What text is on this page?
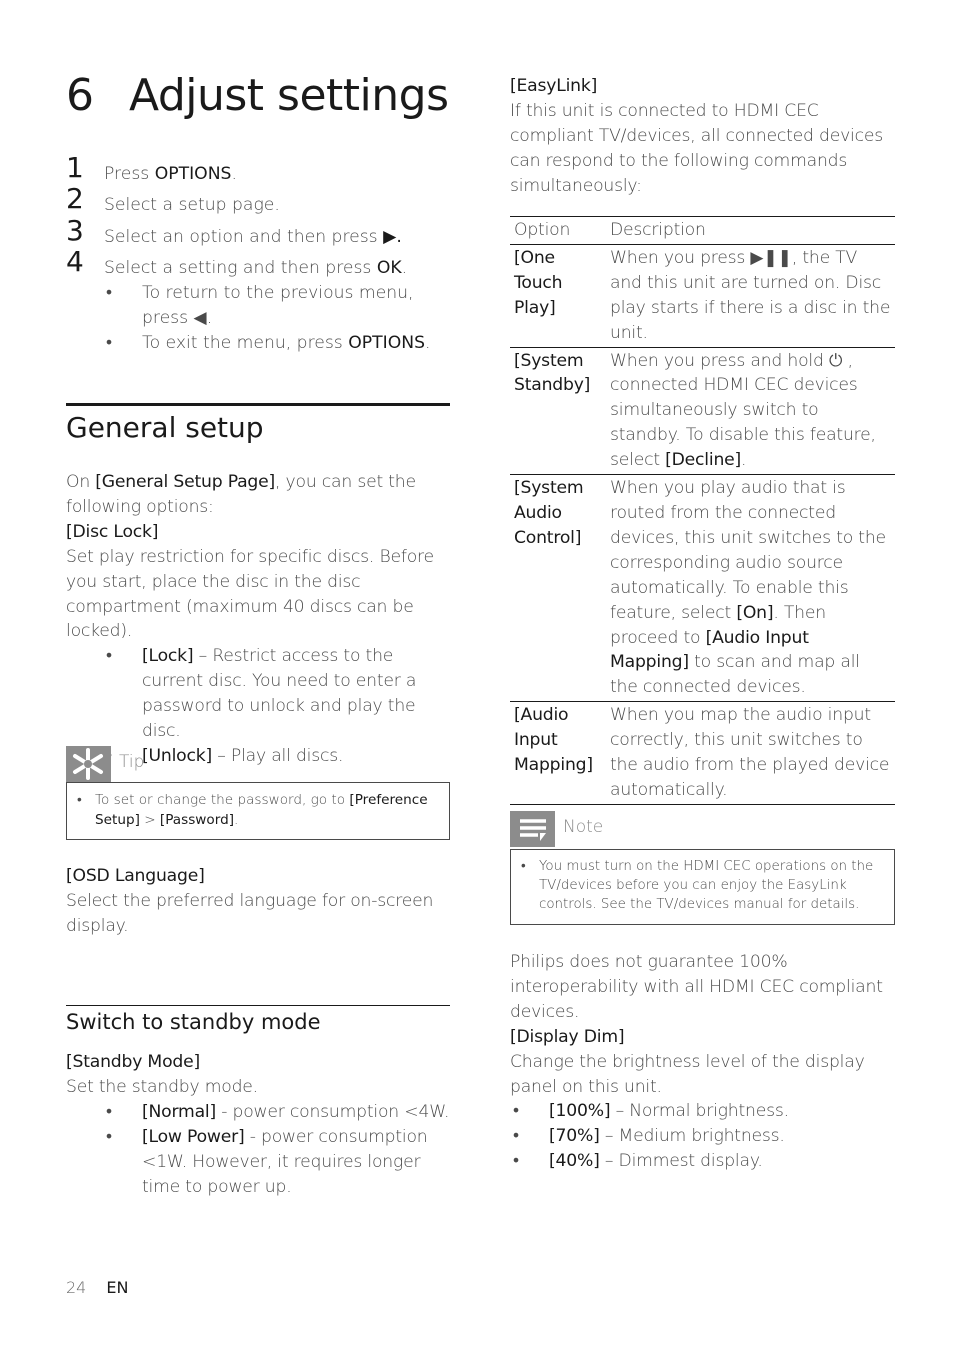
6 Adjust settings
1 Press OPTIONS.
2 Select a setup page.
3 Select an option and then press ▶.
4 Select a setting and then press OK.
• To return to the previous menu, press ◀.
• To exit the menu, press OPTIONS.
General setup
On [General Setup Page], you can set the following options:
[Disc Lock]
Set play restriction for specific discs. Before you start, place the disc in the disc compartment (maximum 40 discs can be locked).
• [Lock] – Restrict access to the current disc. You need to enter a password to unlock and play the disc.
[Unlock] – Play all discs.
Tip
• To set or change the password, go to [Preference Setup] > [Password].
[OSD Language]
Select the preferred language for on-screen display.
Switch to standby mode
[Standby Mode]
Set the standby mode.
• [Normal] - power consumption <4W.
• [Low Power] - power consumption <1W. However, it requires longer time to power up.
[EasyLink]
If this unit is connected to HDMI CEC compliant TV/devices, all connected devices can respond to the following commands simultaneously:
Option	Description
[One Touch Play]	When you press ▶❚❚, the TV and this unit are turned on. Disc play starts if there is a disc in the unit.
[System Standby]	When you press and hold ⏻ , connected HDMI CEC devices simultaneously switch to standby. To disable this feature, select [Decline].
[System Audio Control]	When you play audio that is routed from the connected devices, this unit switches to the corresponding audio source automatically. To enable this feature, select [On]. Then proceed to [Audio Input Mapping] to scan and map all the connected devices.
[Audio Input Mapping]	When you map the audio input correctly, this unit switches to the audio from the played device automatically.
Note
• You must turn on the HDMI CEC operations on the TV/devices before you can enjoy the EasyLink controls. See the TV/devices manual for details.
Philips does not guarantee 100% interoperability with all HDMI CEC compliant devices.
[Display Dim]
Change the brightness level of the display panel on this unit.
• [100%] – Normal brightness.
• [70%] – Medium brightness.
• [40%] – Dimmest display.
24 EN
